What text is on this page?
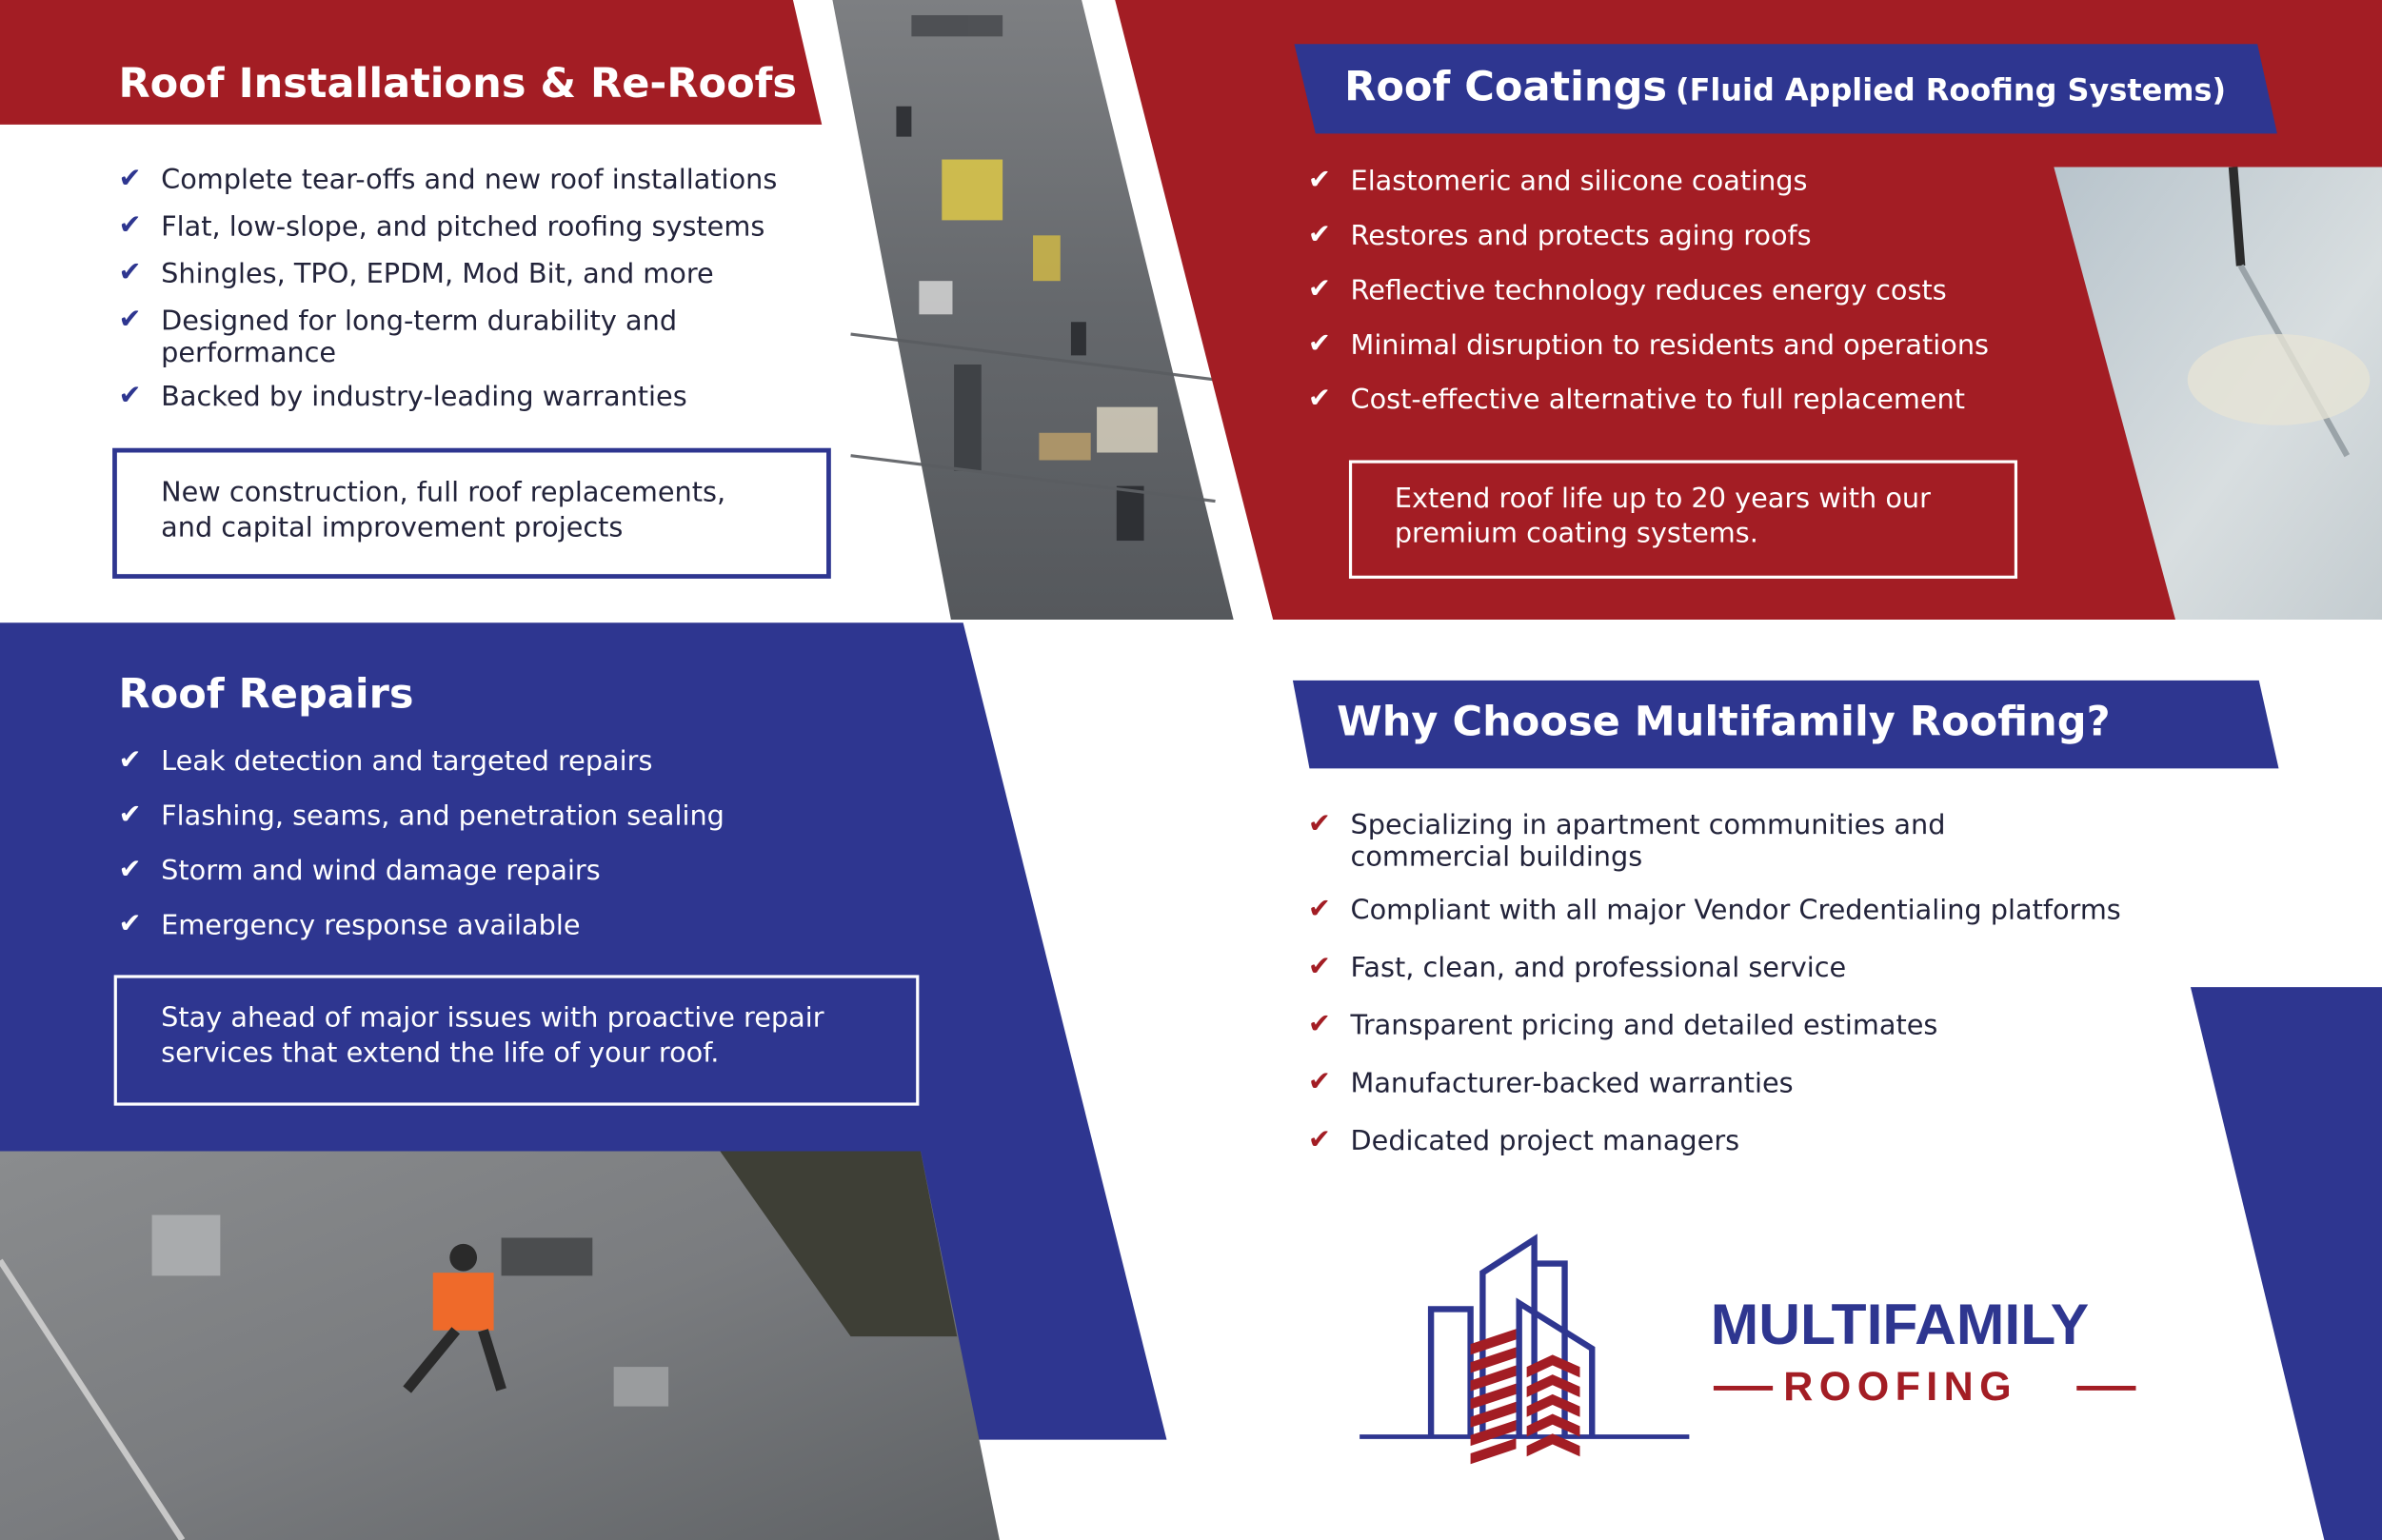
Roof Installations & Re-Roofs
✔ Complete tear-offs and new roof installations
✔ Flat, low-slope, and pitched roofing systems
✔ Shingles, TPO, EPDM, Mod Bit, and more
✔ Designed for long-term durability and performance
✔ Backed by industry-leading warranties
New construction, full roof replacements, and capital improvement projects
Roof Coatings (Fluid Applied Roofing Systems)
✔ Elastomeric and silicone coatings
✔ Restores and protects aging roofs
✔ Reflective technology reduces energy costs
✔ Minimal disruption to residents and operations
✔ Cost-effective alternative to full replacement
Extend roof life up to 20 years with our premium coating systems.
Roof Repairs
✔ Leak detection and targeted repairs
✔ Flashing, seams, and penetration sealing
✔ Storm and wind damage repairs
✔ Emergency response available
Stay ahead of major issues with proactive repair services that extend the life of your roof.
Why Choose Multifamily Roofing?
✔ Specializing in apartment communities and commercial buildings
✔ Compliant with all major Vendor Credentialing platforms
✔ Fast, clean, and professional service
✔ Transparent pricing and detailed estimates
✔ Manufacturer-backed warranties
✔ Dedicated project managers
MULTIFAMILY
ROOFING
